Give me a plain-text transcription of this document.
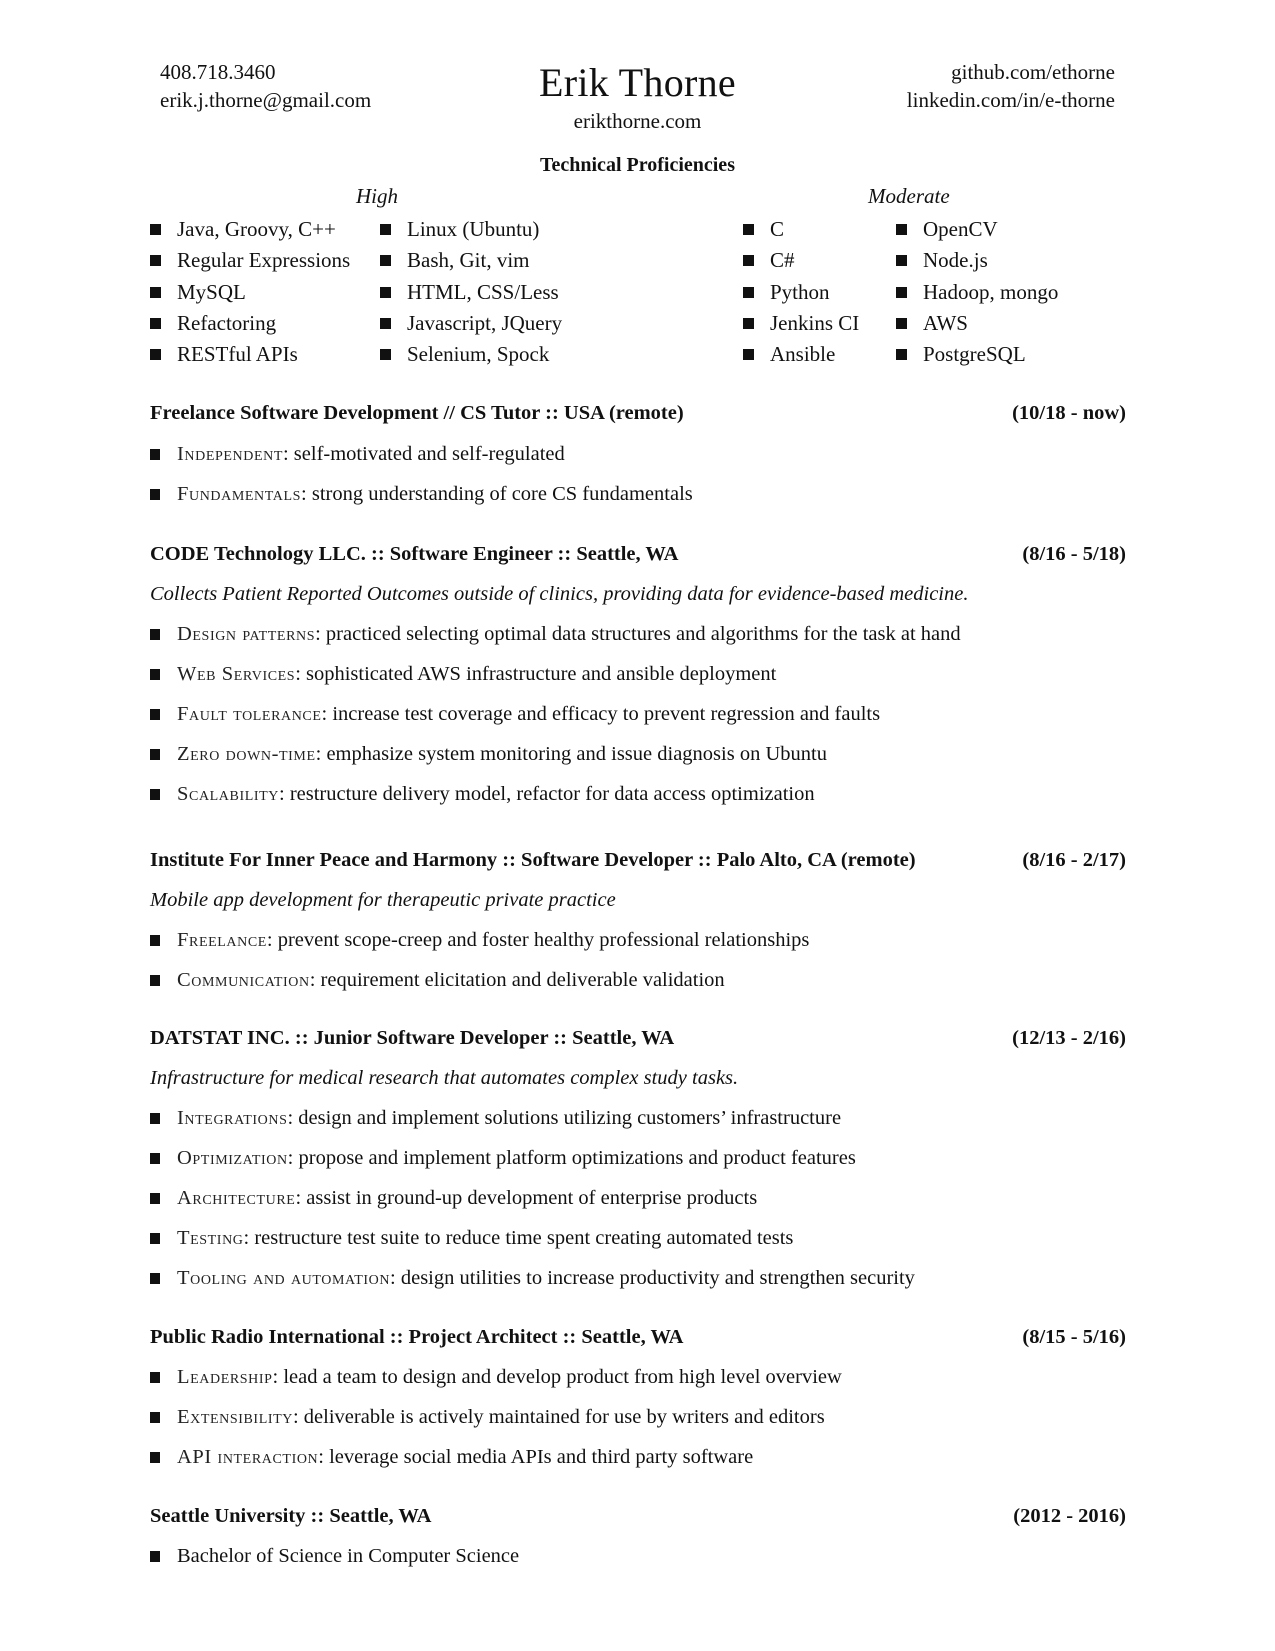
408.718.3460
erik.j.thorne@gmail.com	Erik Thorne
erikthorne.com
github.com/ethorne
linkedin.com/in/e-thorne
Technical Proficiencies
High	Moderate
Java, Groovy, C++
Regular Expressions
MySQL
Refactoring
RESTful APIs
Linux (Ubuntu)
Bash, Git, vim
HTML, CSS/Less
Javascript, JQuery
Selenium, Spock
C
C#
Python
Jenkins CI
Ansible
OpenCV
Node.js
Hadoop, mongo
AWS
PostgreSQL
Freelance Software Development // CS Tutor :: USA (remote)	(10/18 - now)
Independent : self-motivated and self-regulated
Fundamentals : strong understanding of core CS fundamentals
CODE Technology LLC. :: Software Engineer :: Seattle, WA	(8/16 - 5/18)
Collects Patient Reported Outcomes outside of clinics, providing data for evidence-based medicine.
Design patterns : practiced selecting optimal data structures and algorithms for the task at hand
Web Services : sophisticated AWS infrastructure and ansible deployment
Fault tolerance : increase test coverage and efficacy to prevent regression and faults
Zero down-time : emphasize system monitoring and issue diagnosis on Ubuntu
Scalability : restructure delivery model, refactor for data access optimization
Institute For Inner Peace and Harmony :: Software Developer :: Palo Alto, CA (remote)	(8/16 - 2/17)
Mobile app development for therapeutic private practice
Freelance : prevent scope-creep and foster healthy professional relationships
Communication : requirement elicitation and deliverable validation
DATSTAT INC. :: Junior Software Developer :: Seattle, WA	(12/13 - 2/16)
Infrastructure for medical research that automates complex study tasks.
Integrations : design and implement solutions utilizing customers’ infrastructure
Optimization : propose and implement platform optimizations and product features
Architecture : assist in ground-up development of enterprise products
Testing : restructure test suite to reduce time spent creating automated tests
Tooling and automation : design utilities to increase productivity and strengthen security
Public Radio International :: Project Architect :: Seattle, WA	(8/15 - 5/16)
Leadership : lead a team to design and develop product from high level overview
Extensibility : deliverable is actively maintained for use by writers and editors
API interaction : leverage social media APIs and third party software
Seattle University :: Seattle, WA	(2012 - 2016)
Bachelor of Science in Computer Science
